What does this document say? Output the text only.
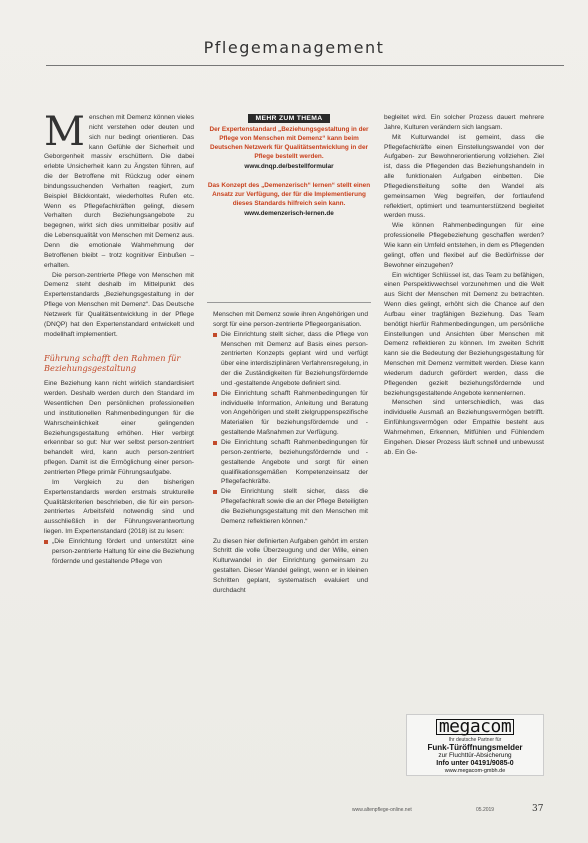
Pflegemanagement

Menschen mit Demenz können vieles nicht verstehen oder deuten und sich nur bedingt orientieren. Das kann Gefühle der Sicherheit und Geborgenheit massiv erschüttern. Die dabei erlebte Unsicherheit kann zu Ängsten führen, auf die der Betroffene mit Rückzug oder einem bindungssuchenden Verhalten reagiert, zum Beispiel Blickkontakt, wiederholtes Rufen etc. Wenn es Pflegefachkräften gelingt, diesem Verhalten durch Beziehungsangebote zu begegnen, wirkt sich dies unmittelbar positiv auf die Lebensqualität von Menschen mit Demenz aus. Denn die emotionale Wahrnehmung der Betroffenen bleibt – trotz kognitiver Einbußen – erhalten.

Die person-zentrierte Pflege von Menschen mit Demenz steht deshalb im Mittelpunkt des Expertenstandards „Beziehungsgestaltung in der Pflege von Menschen mit Demenz“. Das Deutsche Netzwerk für Qualitätsentwicklung in der Pflege (DNQP) hat den Expertenstandard entwickelt und modellhaft implementiert.

Führung schafft den Rahmen für Beziehungsgestaltung

Eine Beziehung kann nicht wirklich standardisiert werden. Deshalb werden durch den Standard im Wesentlichen Den persönlichen professionellen und institutionellen Rahmenbedingungen für die Wahrscheinlichkeit einer gelingenden Beziehungsgestaltung erhöhen. Hier verbirgt erkennbar so gut: Nur wer selbst person-zentriert behandelt wird, kann auch person-zentriert pflegen. Damit ist die Ermöglichung einer person-zentrierten Pflege primär Führungsaufgabe.

Im Vergleich zu den bisherigen Expertenstandards werden erstmals strukturelle Qualitätskriterien beschrieben, die für ein person-zentriertes Arbeitsfeld notwendig sind und ausschließlich in der Führungsverantwortung liegen. Im Expertenstandard (2018) ist zu lesen:

„Die Einrichtung fördert und unterstützt eine person-zentrierte Haltung für eine die Beziehung fördernde und gestaltende Pflege von

MEHR ZUM THEMA
Der Expertenstandard „Beziehungsgestaltung in der Pflege von Menschen mit Demenz“ kann beim Deutschen Netzwerk für Qualitätsentwicklung in der Pflege bestellt werden.
www.dnqp.de/bestellformular
Das Konzept des „Demenzerisch“ lernen“ stellt einen Ansatz zur Verfügung, der für die Implementierung dieses Standards hilfreich sein kann.
www.demenzerisch-lernen.de

Menschen mit Demenz sowie ihren Angehörigen und sorgt für eine person-zentrierte Pflegeorganisation.

Die Einrichtung stellt sicher, dass die Pflege von Menschen mit Demenz auf Basis eines person-zentrierten Konzepts geplant wird und verfügt über eine interdisziplinären Verfahrensregelung, in der die Zuständigkeiten für Beziehungsfördernde und -gestaltende Angebote definiert sind.

Die Einrichtung schafft Rahmenbedingungen für individuelle Information, Anleitung und Beratung von Angehörigen und stellt zielgruppenspezifische Materialien für beziehungsfördernde und -gestaltende Maßnahmen zur Verfügung.

Die Einrichtung schafft Rahmenbedingungen für person-zentrierte, beziehungsfördernde und -gestaltende Angebote und sorgt für einen qualifikationsgemäßen Kompetenzeinsatz der Pflegefachkräfte.

Die Einrichtung stellt sicher, dass die Pflegefachkraft sowie die an der Pflege Beteiligten die Beziehungsgestaltung mit den Menschen mit Demenz reflektieren können.“

Zu diesen hier definierten Aufgaben gehört im ersten Schritt die volle Überzeugung und der Wille, einen Kulturwandel in der Einrichtung gemeinsam zu gestalten. Dieser Wandel gelingt, wenn er in kleinen Schritten geplant, systematisch evaluiert und durchdacht

begleitet wird. Ein solcher Prozess dauert mehrere Jahre, Kulturen verändern sich langsam.

Mit Kulturwandel ist gemeint, dass die Pflegefachkräfte einen Einstellungswandel von der Aufgaben- zur Bewohnerorientierung vollziehen. Ziel ist, dass die Pflegenden das Beziehungshandeln in alle funktionalen Aufgaben einbetten. Die Pflegedienstleitung sollte den Wandel als gemeinsamen Weg begreifen, der fortlaufend reflektiert, optimiert und teamunterstützend begleitet werden muss.

Wie können Rahmenbedingungen für eine professionelle Pflegebeziehung geschaffen werden? Wie kann ein Umfeld entstehen, in dem es Pflegenden gelingt, offen und flexibel auf die Bedürfnisse der Bewohner einzugehen?

Ein wichtiger Schlüssel ist, das Team zu befähigen, einen Perspektivwechsel vorzunehmen und die Welt aus Sicht der Menschen mit Demenz zu betrachten. Wenn dies gelingt, erhöht sich die Chance auf den Aufbau einer tragfähigen Beziehung. Das Team benötigt hierfür Rahmenbedingungen, um persönliche Einstellungen und Ansichten über Menschen mit Demenz reflektieren zu können. Im zweiten Schritt kann sie die Bedeutung der Beziehungsgestaltung für Menschen mit Demenz vermittelt werden. Diese kann wiederum dadurch gefördert werden, dass die Pflegenden gezielt beziehungsfördernde und beziehungsgestaltende Angebote kennenlernen.

Menschen sind unterschiedlich, was das individuelle Ausmaß an Beziehungsvermögen betrifft. Einfühlungsvermögen oder Empathie besteht aus Wahrnehmen, Erkennen, Mitfühlen und Fühlendem Eingehen. Dieser Prozess läuft schnell und unbewusst ab. Ein Ge-

megacom
Ihr deutsche Partner für
Funk-Türöffnungsmelder
zur Fluchttür-Absicherung
Info unter 04191/9085-0
www.megacom-gmbh.de
www.altenpflege-online.net	05.2019	37
